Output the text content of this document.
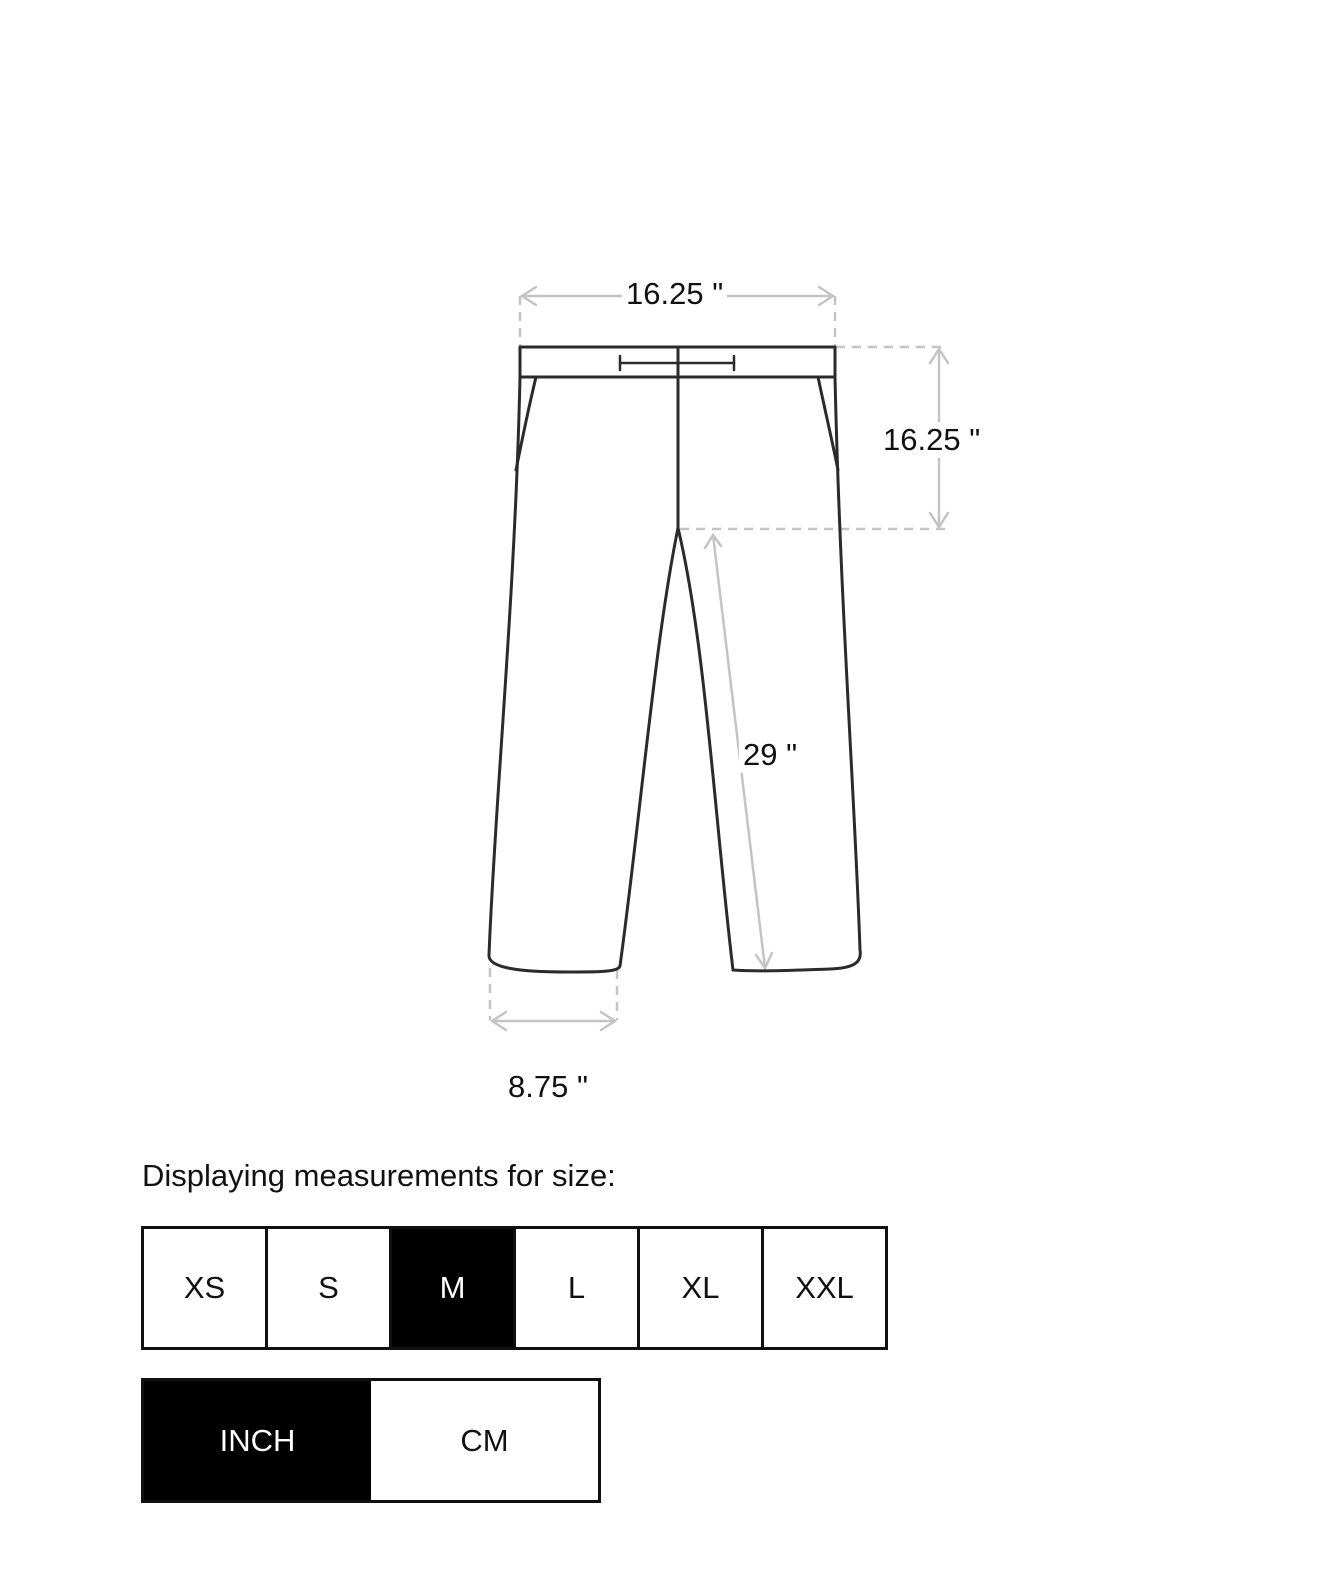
16.25 "
16.25 "
29 "
8.75 "
Displaying measurements for size:
XS	S	M	L	XL	XXL
INCH	CM
